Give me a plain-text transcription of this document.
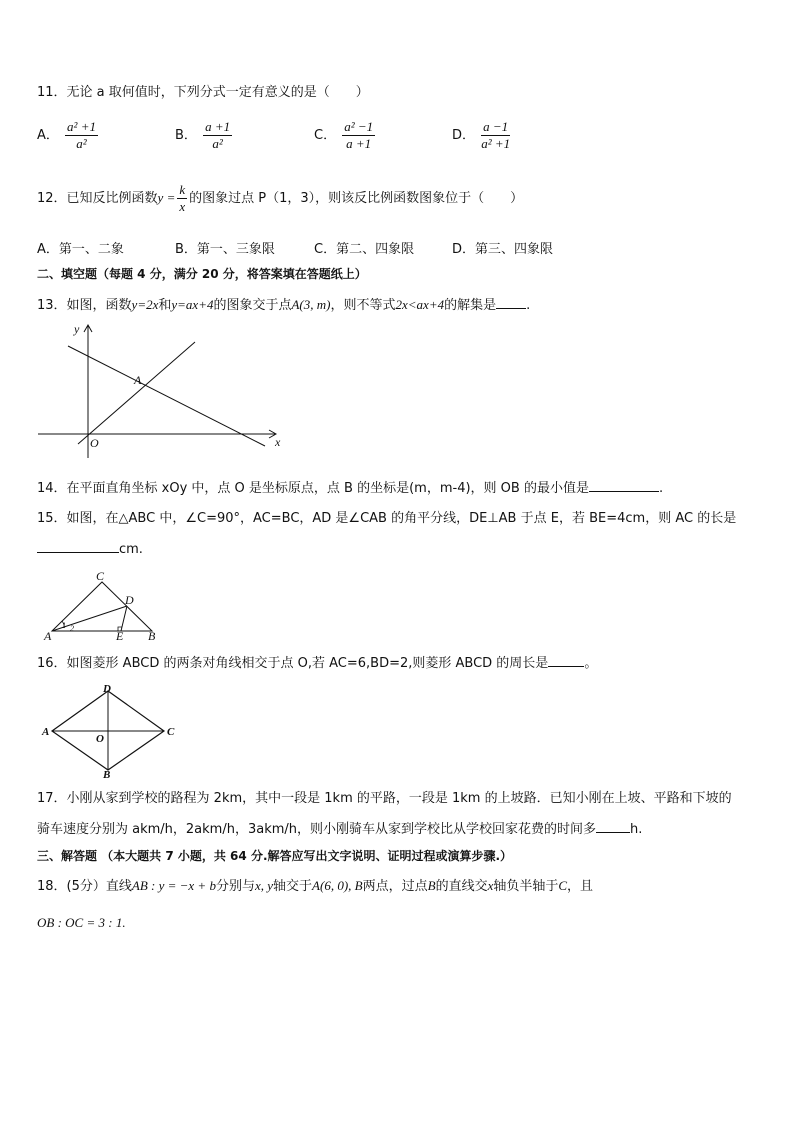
11．无论 a 取何值时，下列分式一定有意义的是（　　）
A． $\frac{\text{a² +1}}{\text{a²}}$	B． $\frac{a +1}{\text{a²}}$	C． $\frac{\text{a² −1}}{a +1}$	D． $\frac{a -1}{\text{a² +1}}$
12．已知反比例函数$y = \frac{k}{x}$ 的图象过点 P（1，3），则该反比例函数图象位于（　　）
A．第一、二象	B．第一、三象限	C．第二、四象限	D．第三、四象限
二、填空题（每题 4 分，满分 20 分，将答案填在答题纸上）
13．如图，函数y=2x和y=ax+4的图象交于点A(3, m)，则不等式2x<ax+4的解集是 .
y
x
O
A
14．在平面直角坐标 xOy 中，点 O 是坐标原点，点 B 的坐标是(m，m-4)，则 OB 的最小值是	.
15．如图，在△ABC 中，∠C=90°，AC=BC，AD 是∠CAB 的角平分线，DE⊥AB 于点 E，若 BE=4cm，则 AC 的长是
cm.
C
D
A	E B
1 2
16．如图菱形 ABCD 的两条对角线相交于点 O,若 AC=6,BD=2,则菱形 ABCD 的周长是	。
D
A	C
O
B
17．小刚从家到学校的路程为 2km，其中一段是 1km 的平路，一段是 1km 的上坡路．已知小刚在上坡、平路和下坡的
骑车速度分别为 akm/h，2akm/h，3akm/h，则小刚骑车从家到学校比从学校回家花费的时间多	h.
三、解答题 （本大题共 7 小题，共 64 分.解答应写出文字说明、证明过程或演算步骤.）
18．(5分）直线AB : y = −x + b分别与x, y轴交于A(6, 0), B两点，过点B的直线交x轴负半轴于C，且
OB : OC = 3 : 1.
